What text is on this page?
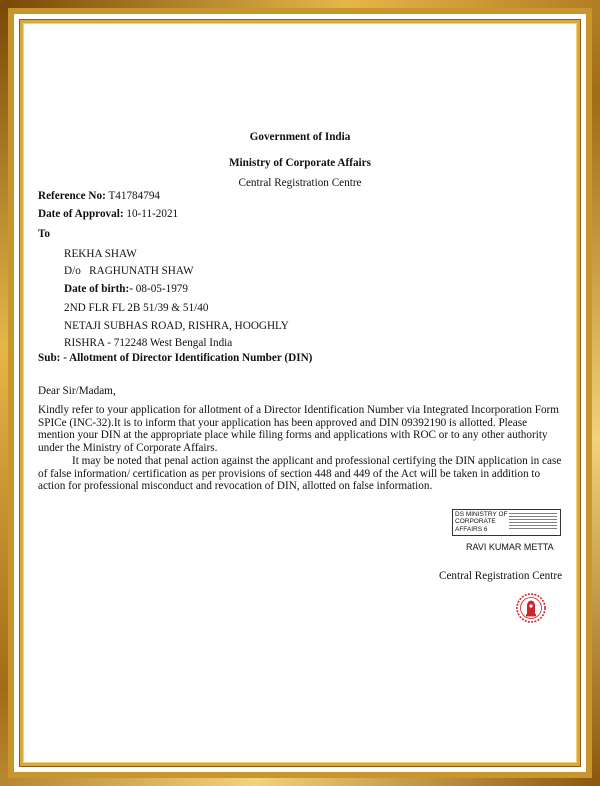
Government of India
Ministry of Corporate Affairs
Central Registration Centre
Reference No: T41784794
Date of Approval: 10-11-2021
To
REKHA SHAW
D/o RAGHUNATH SHAW
Date of birth:- 08-05-1979
2ND FLR FL 2B 51/39 & 51/40
NETAJI SUBHAS ROAD, RISHRA, HOOGHLY
RISHRA - 712248 West Bengal India
Sub: - Allotment of Director Identification Number (DIN)
Dear Sir/Madam,
Kindly refer to your application for allotment of a Director Identification Number via Integrated Incorporation Form SPICe (INC-32).It is to inform that your application has been approved and DIN 09392190 is allotted. Please mention your DIN at the appropriate place while filing forms and applications with ROC or to any other authority under the Ministry of Corporate Affairs.
It may be noted that penal action against the applicant and professional certifying the DIN application in case of false information/ certification as per provisions of section 448 and 449 of the Act will be taken in addition to action for professional misconduct and revocation of DIN, allotted on false information.
DS MINISTRY OF
CORPORATE
AFFAIRS 6
RAVI KUMAR METTA
Central Registration Centre
